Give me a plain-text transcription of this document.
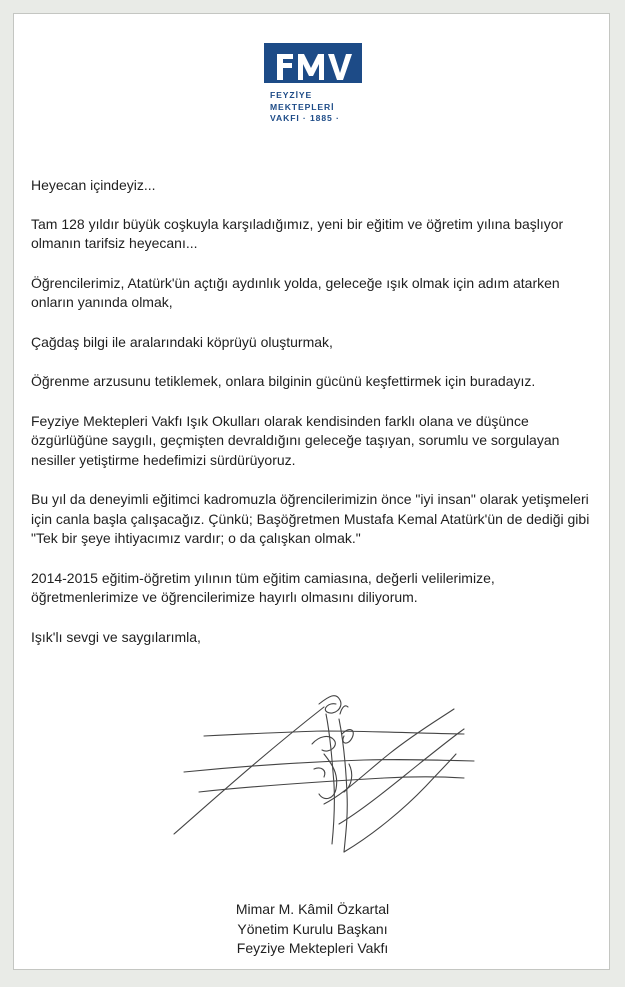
FEYZİYE
MEKTEPLERİ
VAKFI · 1885 ·

Heyecan içindeyiz...

Tam 128 yıldır büyük coşkuyla karşıladığımız, yeni bir eğitim ve öğretim yılına başlıyor olmanın tarifsiz heyecanı...

Öğrencilerimiz, Atatürk'ün açtığı aydınlık yolda, geleceğe ışık olmak için adım atarken onların yanında olmak,

Çağdaş bilgi ile aralarındaki köprüyü oluşturmak,

Öğrenme arzusunu tetiklemek, onlara bilginin gücünü keşfettirmek için buradayız.

Feyziye Mektepleri Vakfı Işık Okulları olarak kendisinden farklı olana ve düşünce özgürlüğüne saygılı, geçmişten devraldığını geleceğe taşıyan, sorumlu ve sorgulayan nesiller yetiştirme hedefimizi sürdürüyoruz.

Bu yıl da deneyimli eğitimci kadromuzla öğrencilerimizin önce "iyi insan" olarak yetişmeleri için canla başla çalışacağız. Çünkü; Başöğretmen Mustafa Kemal Atatürk'ün de dediği gibi "Tek bir şeye ihtiyacımız vardır; o da çalışkan olmak."

2014-2015 eğitim-öğretim yılının tüm eğitim camiasına, değerli velilerimize, öğretmenlerimize ve öğrencilerimize hayırlı olmasını diliyorum.

Işık'lı sevgi ve saygılarımla,

Mimar M. Kâmil Özkartal
Yönetim Kurulu Başkanı
Feyziye Mektepleri Vakfı
